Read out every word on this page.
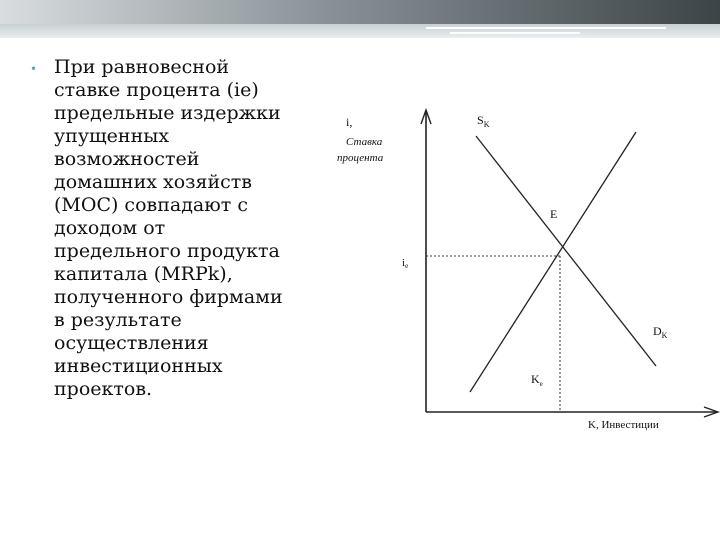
• При равновесной
ставке процента (ie)
предельные издержки
упущенных
возможностей
домашних хозяйств
(MOC) совпадают с
доходом от
предельного продукта
капитала (MRPk),
полученного фирмами
в результате
осуществления
инвестиционных
проектов.

i,
Ставка
процента
$S_K$
$D_K$
E
ie
$K_e$
K, Инвестиции
